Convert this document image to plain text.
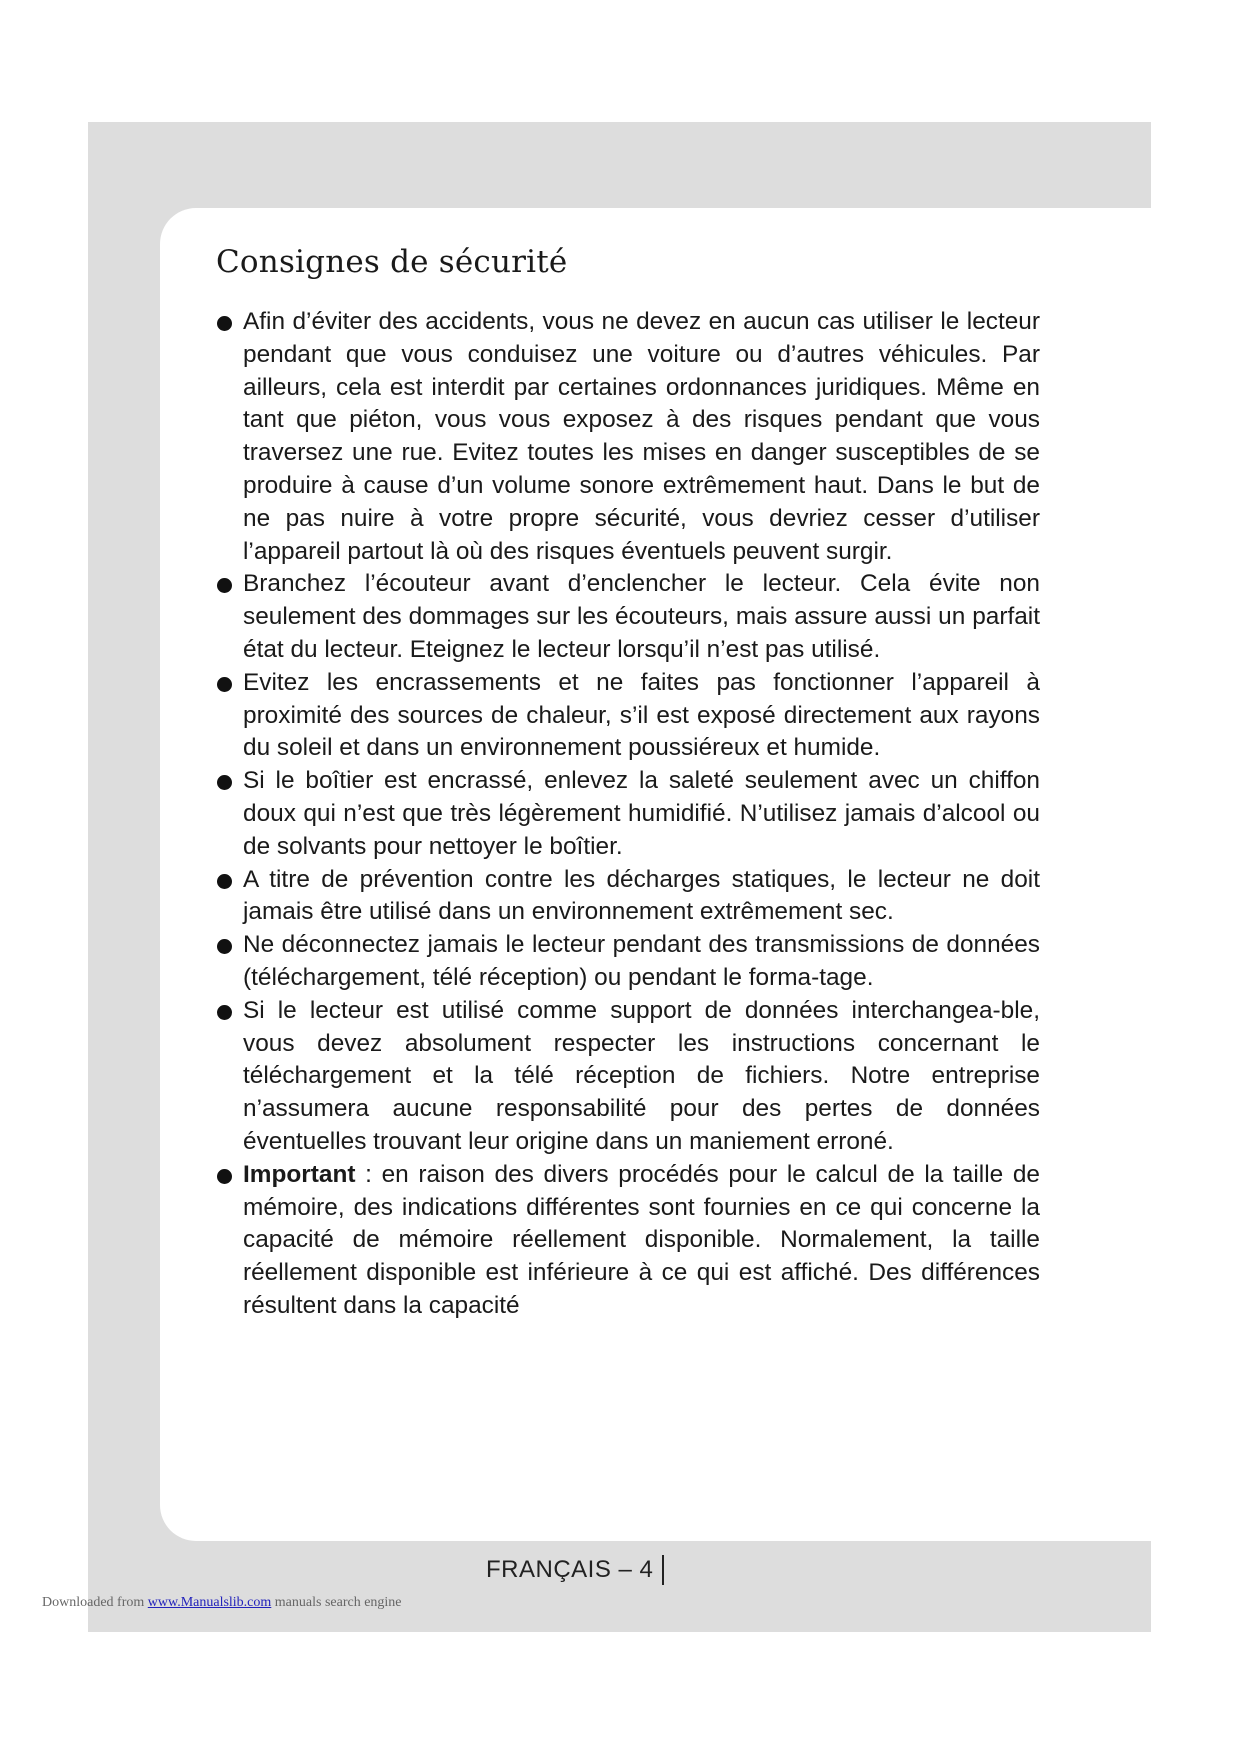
Consignes de sécurité
Afin d’éviter des accidents, vous ne devez en aucun cas utiliser le lecteur pendant que vous conduisez une voiture ou d’autres véhicules. Par ailleurs, cela est interdit par certaines ordonnances juridiques. Même en tant que piéton, vous vous exposez à des risques pendant que vous traversez une rue. Evitez toutes les mises en danger susceptibles de se produire à cause d’un volume sonore extrêmement haut. Dans le but de ne pas nuire à votre propre sécurité, vous devriez cesser d’utiliser l’appareil partout là où des risques éventuels peuvent surgir.
Branchez l’écouteur avant d’enclencher le lecteur. Cela évite non seulement des dommages sur les écouteurs, mais assure aussi un parfait état du lecteur. Eteignez le lecteur lorsqu’il n’est pas utilisé.
Evitez les encrassements et ne faites pas fonctionner l’appareil à proximité des sources de chaleur, s’il est exposé directement aux rayons du soleil et dans un environnement poussiéreux et humide.
Si le boîtier est encrassé, enlevez la saleté seulement avec un chiffon doux qui n’est que très légèrement humidifié. N’utilisez jamais d’alcool ou de solvants pour nettoyer le boîtier.
A titre de prévention contre les décharges statiques, le lecteur ne doit jamais être utilisé dans un environnement extrêmement sec.
Ne déconnectez jamais le lecteur pendant des transmissions de données (téléchargement, télé réception) ou pendant le forma-tage.
Si le lecteur est utilisé comme support de données interchangea-ble, vous devez absolument respecter les instructions concernant le téléchargement et la télé réception de fichiers. Notre entreprise n’assumera aucune responsabilité pour des pertes de données éventuelles trouvant leur origine dans un maniement erroné.
Important : en raison des divers procédés pour le calcul de la taille de mémoire, des indications différentes sont fournies en ce qui concerne la capacité de mémoire réellement disponible. Normalement, la taille réellement disponible est inférieure à ce qui est affiché. Des différences résultent dans la capacité
FRANÇAIS – 4
Downloaded from www.Manualslib.com manuals search engine
